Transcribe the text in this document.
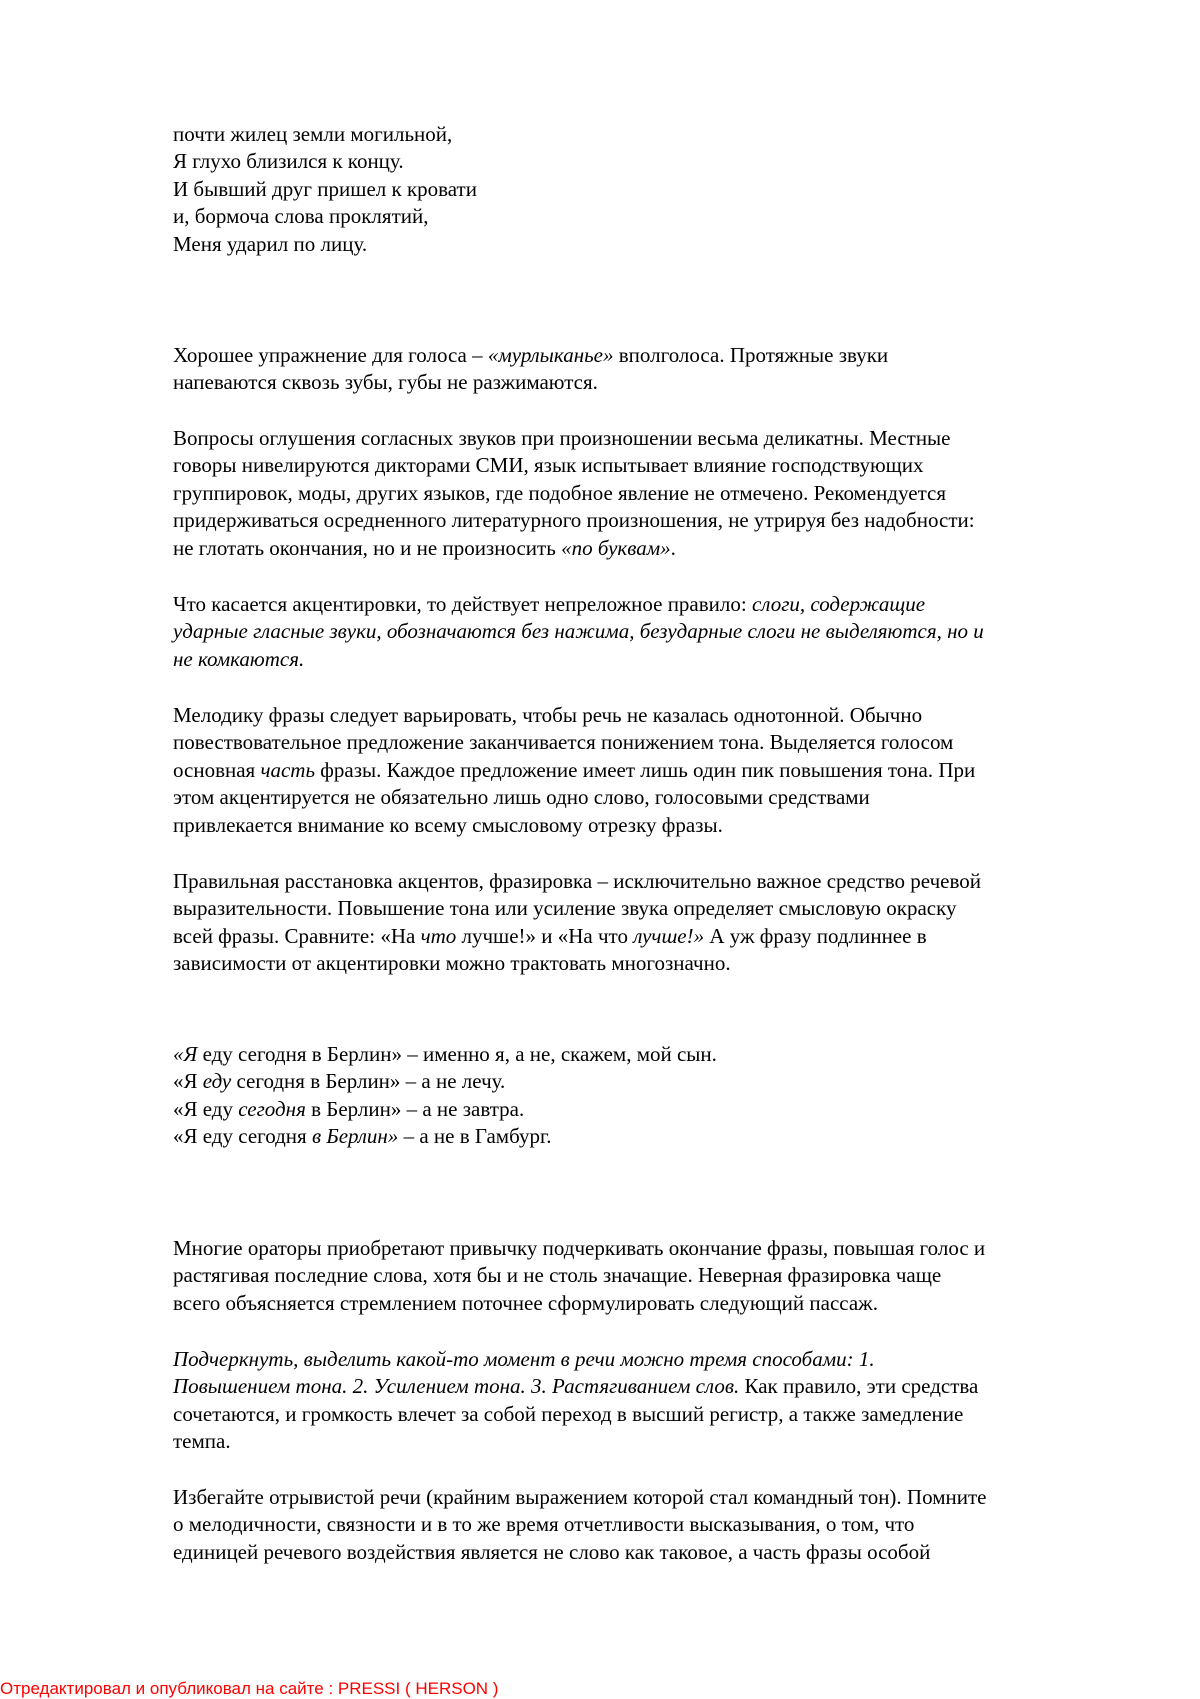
почти жилец земли могильной,
Я глухо близился к концу.
И бывший друг пришел к кровати
и, бормоча слова проклятий,
Меня ударил по лицу.
Хорошее упражнение для голоса – «мурлыканье» вполголоса. Протяжные звуки
напеваются сквозь зубы, губы не разжимаются.
Вопросы оглушения согласных звуков при произношении весьма деликатны. Местные
говоры нивелируются дикторами СМИ, язык испытывает влияние господствующих
группировок, моды, других языков, где подобное явление не отмечено. Рекомендуется
придерживаться осредненного литературного произношения, не утрируя без надобности:
не глотать окончания, но и не произносить «по буквам».
Что касается акцентировки, то действует непреложное правило: слоги, содержащие
ударные гласные звуки, обозначаются без нажима, безударные слоги не выделяются, но и
не комкаются.
Мелодику фразы следует варьировать, чтобы речь не казалась однотонной. Обычно
повествовательное предложение заканчивается понижением тона. Выделяется голосом
основная часть фразы. Каждое предложение имеет лишь один пик повышения тона. При
этом акцентируется не обязательно лишь одно слово, голосовыми средствами
привлекается внимание ко всему смысловому отрезку фразы.
Правильная расстановка акцентов, фразировка – исключительно важное средство речевой
выразительности. Повышение тона или усиление звука определяет смысловую окраску
всей фразы. Сравните: «На что лучше!» и «На что лучше!» А уж фразу подлиннее в
зависимости от акцентировки можно трактовать многозначно.
«Я еду сегодня в Берлин» – именно я, а не, скажем, мой сын.
«Я еду сегодня в Берлин» – а не лечу.
«Я еду сегодня в Берлин» – а не завтра.
«Я еду сегодня в Берлин» – а не в Гамбург.
Многие ораторы приобретают привычку подчеркивать окончание фразы, повышая голос и
растягивая последние слова, хотя бы и не столь значащие. Неверная фразировка чаще
всего объясняется стремлением поточнее сформулировать следующий пассаж.
Подчеркнуть, выделить какой-то момент в речи можно тремя способами: 1.
Повышением тона. 2. Усилением тона. 3. Растягиванием слов. Как правило, эти средства
сочетаются, и громкость влечет за собой переход в высший регистр, а также замедление
темпа.
Избегайте отрывистой речи (крайним выражением которой стал командный тон). Помните
о мелодичности, связности и в то же время отчетливости высказывания, о том, что
единицей речевого воздействия является не слово как таковое, а часть фразы особой
Отредактировал и опубликовал на сайте : PRESSI ( HERSON )
